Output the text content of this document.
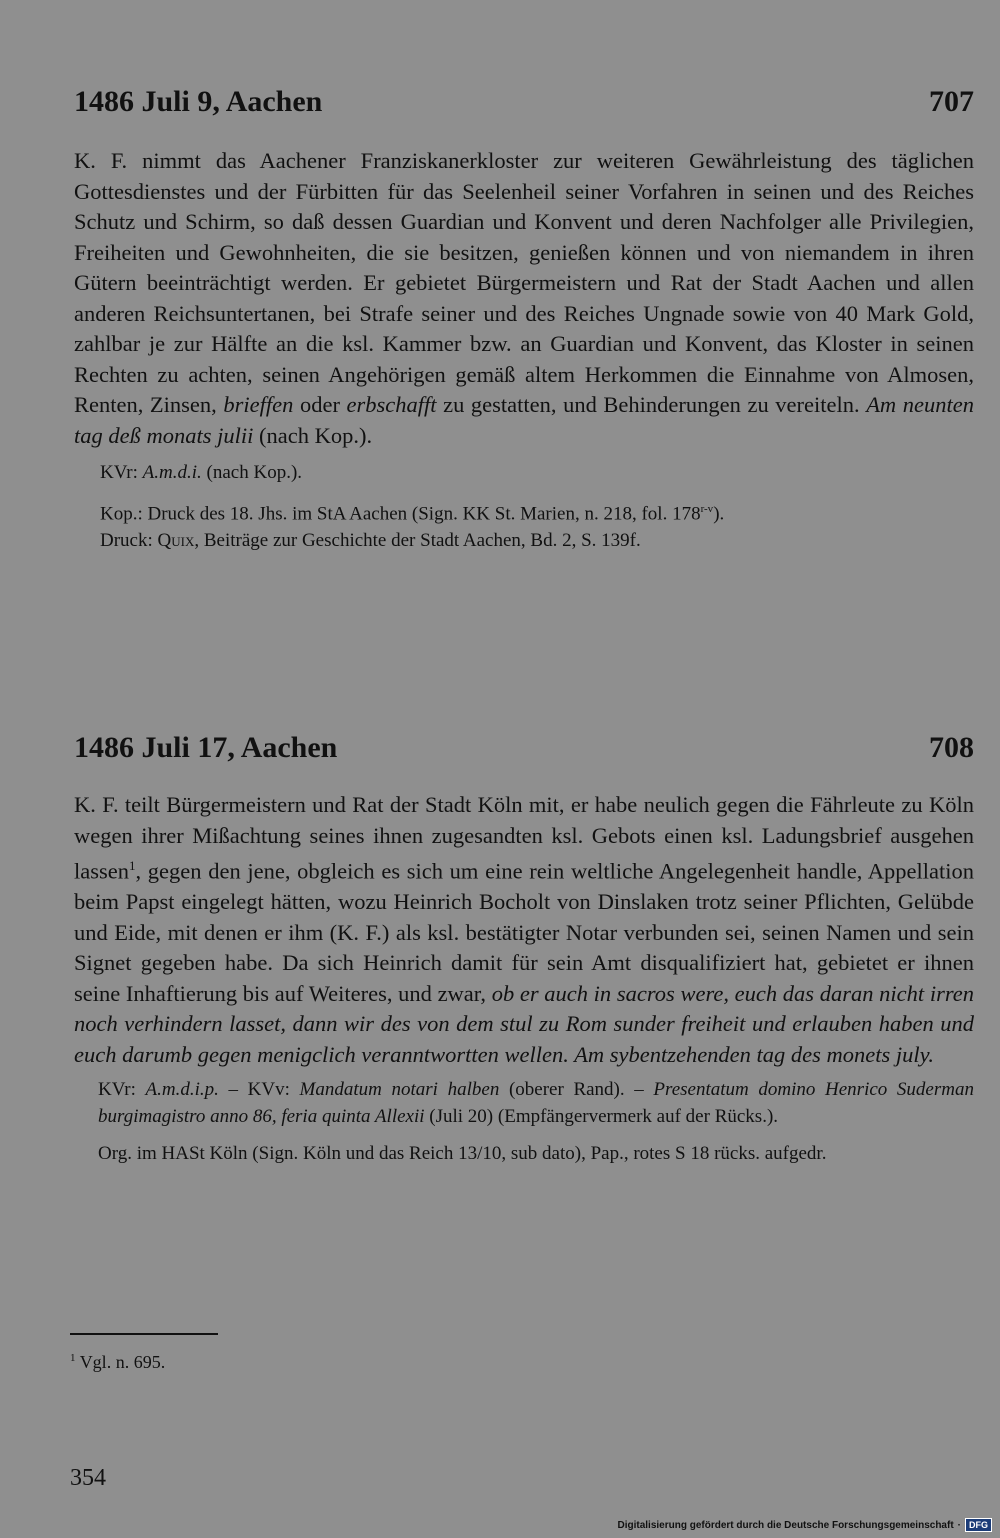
1486 Juli 9, Aachen	707
K. F. nimmt das Aachener Franziskanerkloster zur weiteren Gewährleistung des täglichen Gottesdienstes und der Fürbitten für das Seelenheil seiner Vorfahren in seinen und des Reiches Schutz und Schirm, so daß dessen Guardian und Konvent und deren Nachfolger alle Privilegien, Freiheiten und Gewohnheiten, die sie besitzen, genießen können und von niemandem in ihren Gütern beeinträchtigt werden. Er gebietet Bürgermeistern und Rat der Stadt Aachen und allen anderen Reichsuntertanen, bei Strafe seiner und des Reiches Ungnade sowie von 40 Mark Gold, zahlbar je zur Hälfte an die ksl. Kammer bzw. an Guardian und Konvent, das Kloster in seinen Rechten zu achten, seinen Angehörigen gemäß altem Herkommen die Einnahme von Almosen, Renten, Zinsen, brieffen oder erbschafft zu gestatten, und Behinderungen zu vereiteln. Am neunten tag deß monats julii (nach Kop.).
KVr: A.m.d.i. (nach Kop.).
Kop.: Druck des 18. Jhs. im StA Aachen (Sign. KK St. Marien, n. 218, fol. 178$^{r-v}$).
Druck: Quix, Beiträge zur Geschichte der Stadt Aachen, Bd. 2, S. 139f.
1486 Juli 17, Aachen	708
K. F. teilt Bürgermeistern und Rat der Stadt Köln mit, er habe neulich gegen die Fährleute zu Köln wegen ihrer Mißachtung seines ihnen zugesandten ksl. Gebots einen ksl. Ladungsbrief ausgehen lassen$^1$, gegen den jene, obgleich es sich um eine rein weltliche Angelegenheit handle, Appellation beim Papst eingelegt hätten, wozu Heinrich Bocholt von Dinslaken trotz seiner Pflichten, Gelübde und Eide, mit denen er ihm (K. F.) als ksl. bestätigter Notar verbunden sei, seinen Namen und sein Signet gegeben habe. Da sich Heinrich damit für sein Amt disqualifiziert hat, gebietet er ihnen seine Inhaftierung bis auf Weiteres, und zwar, ob er auch in sacros were, euch das daran nicht irren noch verhindern lasset, dann wir des von dem stul zu Rom sunder freiheit und erlauben haben und euch darumb gegen menigclich veranntwortten wellen. Am sybentzehenden tag des monets july.
KVr: A.m.d.i.p. – KVv: Mandatum notari halben (oberer Rand). – Presentatum domino Henrico Suderman burgimagistro anno 86, feria quinta Allexii (Juli 20) (Empfängervermerk auf der Rücks.).
Org. im HASt Köln (Sign. Köln und das Reich 13/10, sub dato), Pap., rotes S 18 rücks. aufgedr.
$^1$ Vgl. n. 695.
354
Digitalisierung gefördert durch die Deutsche Forschungsgemeinschaft · DFG
